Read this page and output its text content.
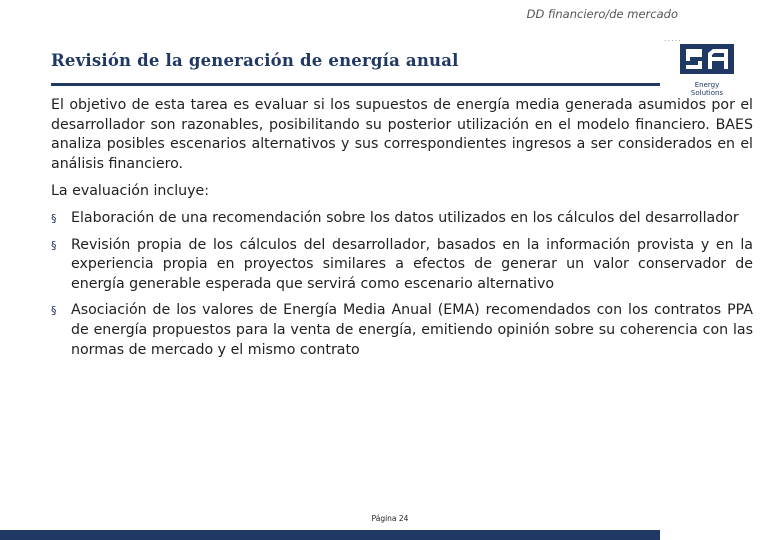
DD financiero/de mercado
.....
Revisión de la generación de energía anual
Energy Solutions

El objetivo de esta tarea es evaluar si los supuestos de energía media generada asumidos por el desarrollador son razonables, posibilitando su posterior utilización en el modelo financiero. BAES analiza posibles escenarios alternativos y sus correspondientes ingresos a ser considerados en el análisis financiero.

La evaluación incluye:

§ Elaboración de una recomendación sobre los datos utilizados en los cálculos del desarrollador
§ Revisión propia de los cálculos del desarrollador, basados en la información provista y en la experiencia propia en proyectos similares a efectos de generar un valor conservador de energía generable esperada que servirá como escenario alternativo
§ Asociación de los valores de Energía Media Anual (EMA) recomendados con los contratos PPA de energía propuestos para la venta de energía, emitiendo opinión sobre su coherencia con las normas de mercado y el mismo contrato
Página 24
